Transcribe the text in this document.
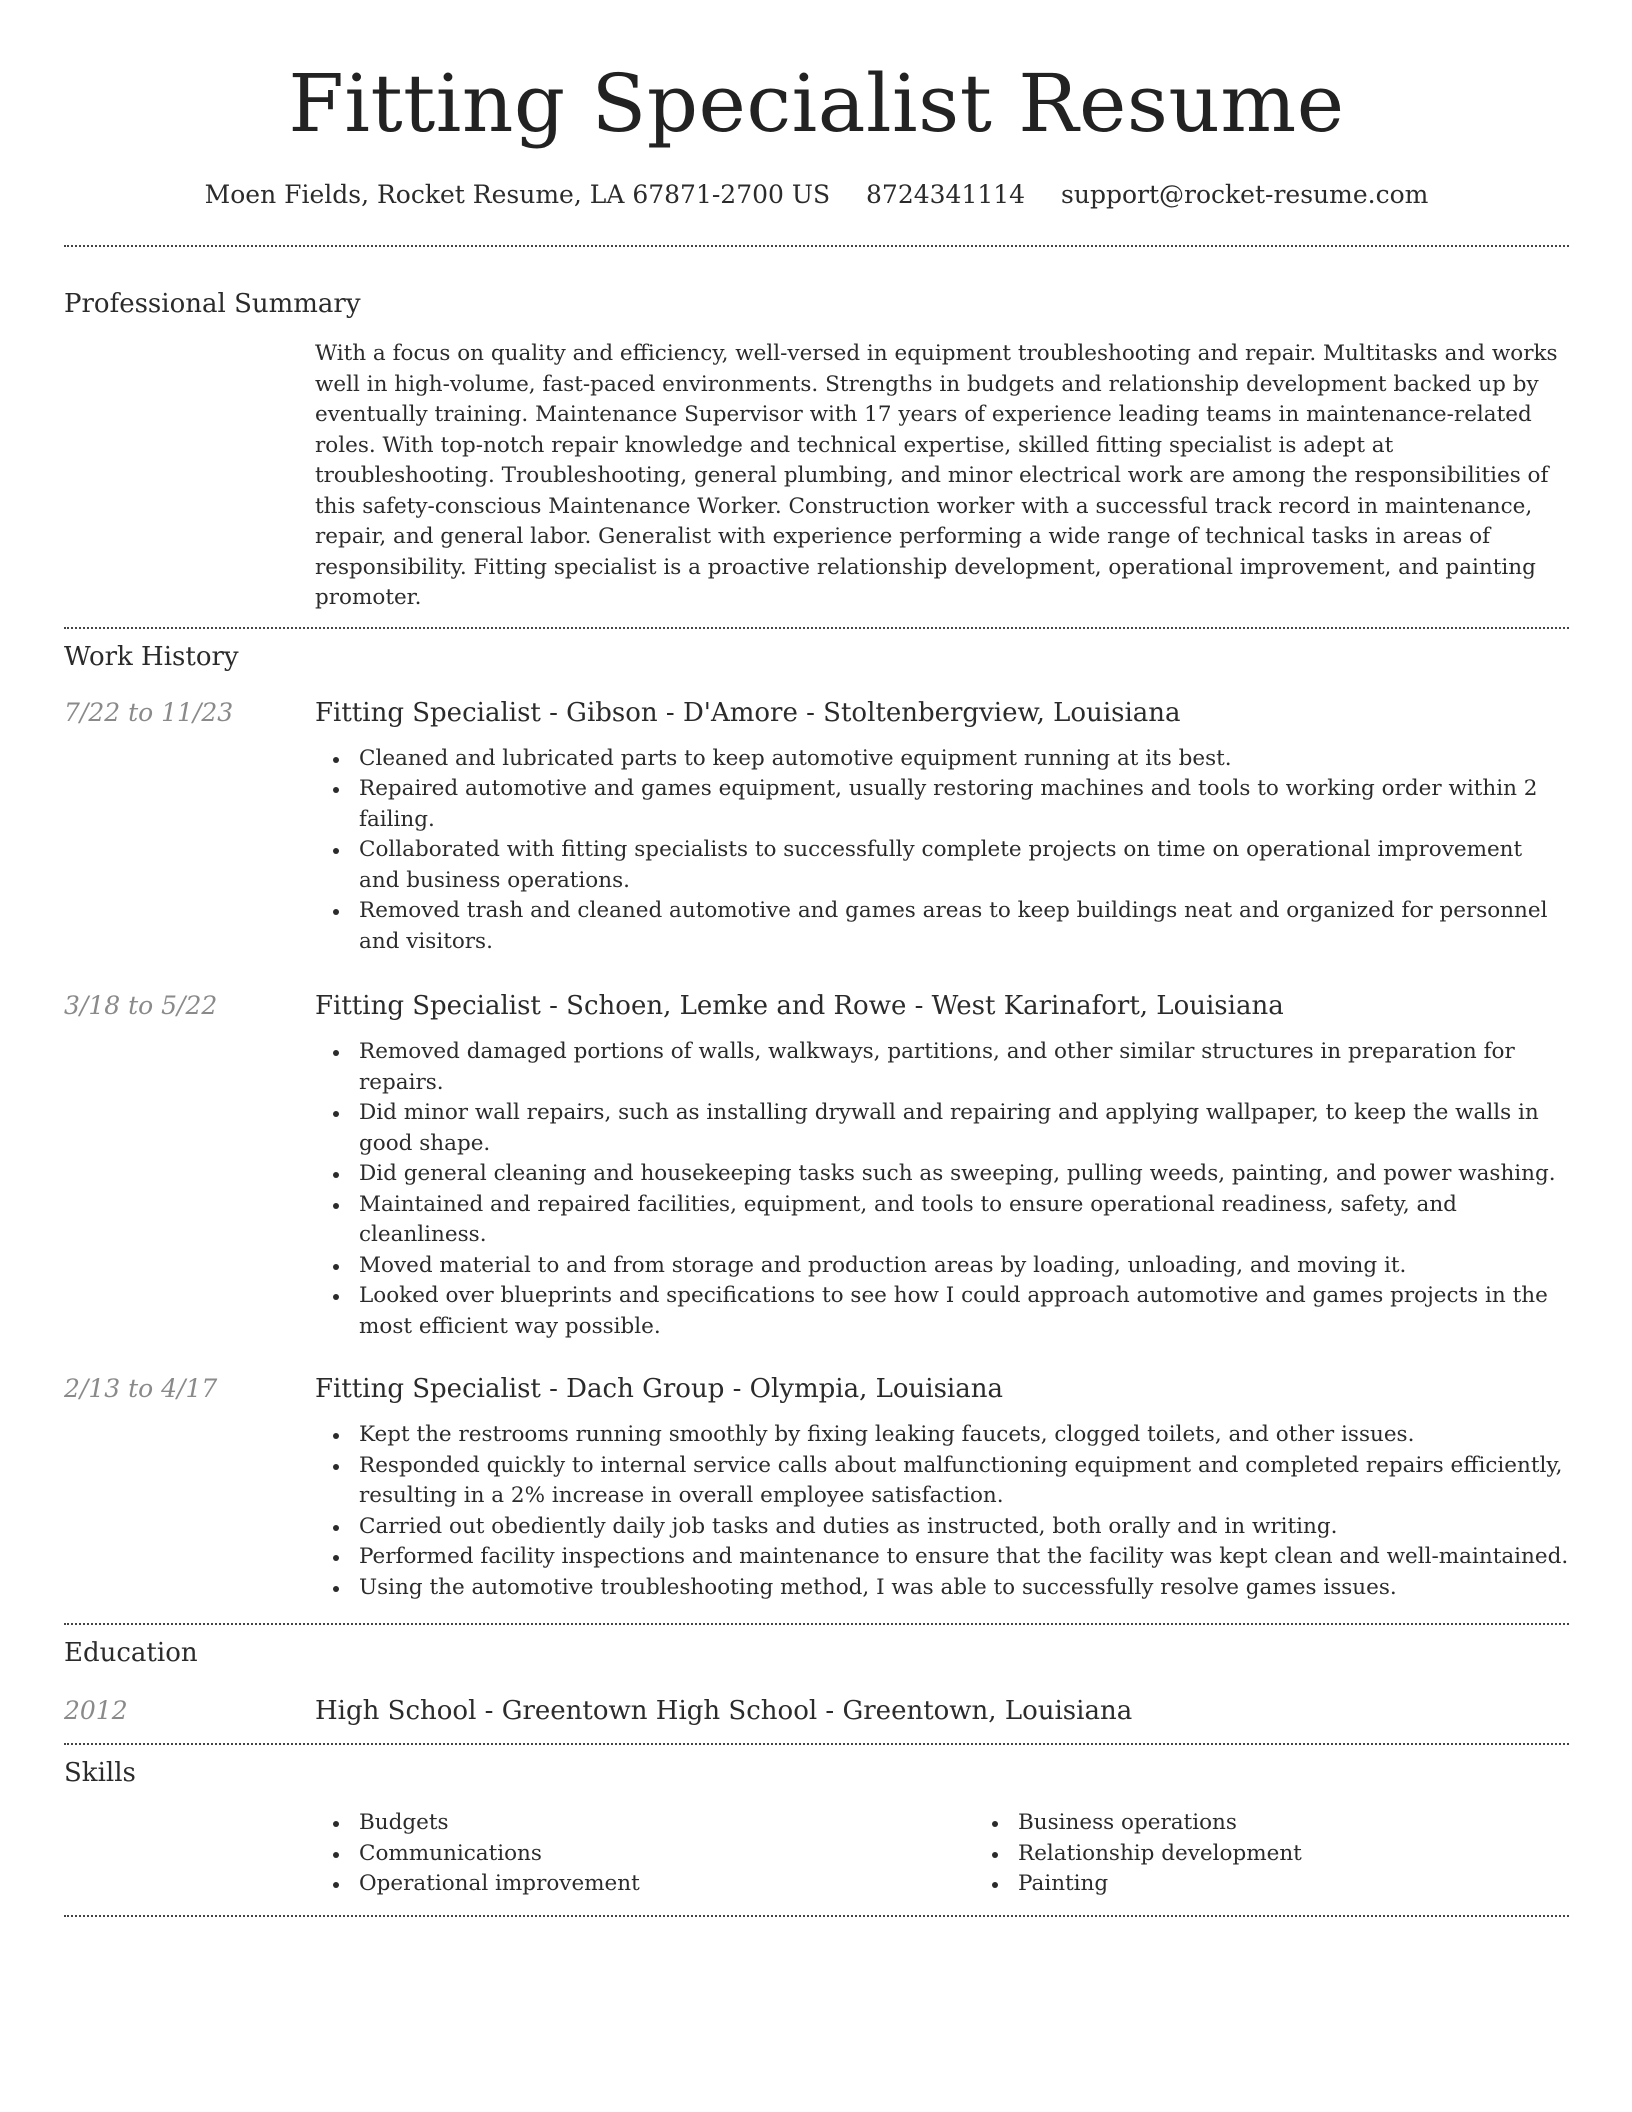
Fitting Specialist Resume
Moen Fields, Rocket Resume, LA 67871-2700 US 8724341114 support@rocket-resume.com
Professional Summary
With a focus on quality and efficiency, well-versed in equipment troubleshooting and repair. Multitasks and works well in high-volume, fast-paced environments. Strengths in budgets and relationship development backed up by eventually training. Maintenance Supervisor with 17 years of experience leading teams in maintenance-related roles. With top-notch repair knowledge and technical expertise, skilled fitting specialist is adept at troubleshooting. Troubleshooting, general plumbing, and minor electrical work are among the responsibilities of this safety-conscious Maintenance Worker. Construction worker with a successful track record in maintenance, repair, and general labor. Generalist with experience performing a wide range of technical tasks in areas of responsibility. Fitting specialist is a proactive relationship development, operational improvement, and painting promoter.
Work History
7/22 to 11/23	Fitting Specialist - Gibson - D'Amore - Stoltenbergview, Louisiana
Cleaned and lubricated parts to keep automotive equipment running at its best.
Repaired automotive and games equipment, usually restoring machines and tools to working order within 2 failing.
Collaborated with fitting specialists to successfully complete projects on time on operational improvement and business operations.
Removed trash and cleaned automotive and games areas to keep buildings neat and organized for personnel and visitors.
3/18 to 5/22	Fitting Specialist - Schoen, Lemke and Rowe - West Karinafort, Louisiana
Removed damaged portions of walls, walkways, partitions, and other similar structures in preparation for repairs.
Did minor wall repairs, such as installing drywall and repairing and applying wallpaper, to keep the walls in good shape.
Did general cleaning and housekeeping tasks such as sweeping, pulling weeds, painting, and power washing.
Maintained and repaired facilities, equipment, and tools to ensure operational readiness, safety, and cleanliness.
Moved material to and from storage and production areas by loading, unloading, and moving it.
Looked over blueprints and specifications to see how I could approach automotive and games projects in the most efficient way possible.
2/13 to 4/17	Fitting Specialist - Dach Group - Olympia, Louisiana
Kept the restrooms running smoothly by fixing leaking faucets, clogged toilets, and other issues.
Responded quickly to internal service calls about malfunctioning equipment and completed repairs efficiently, resulting in a 2% increase in overall employee satisfaction.
Carried out obediently daily job tasks and duties as instructed, both orally and in writing.
Performed facility inspections and maintenance to ensure that the facility was kept clean and well-maintained.
Using the automotive troubleshooting method, I was able to successfully resolve games issues.
Education
2012	High School - Greentown High School - Greentown, Louisiana
Skills
Budgets
Communications
Operational improvement
Business operations
Relationship development
Painting
